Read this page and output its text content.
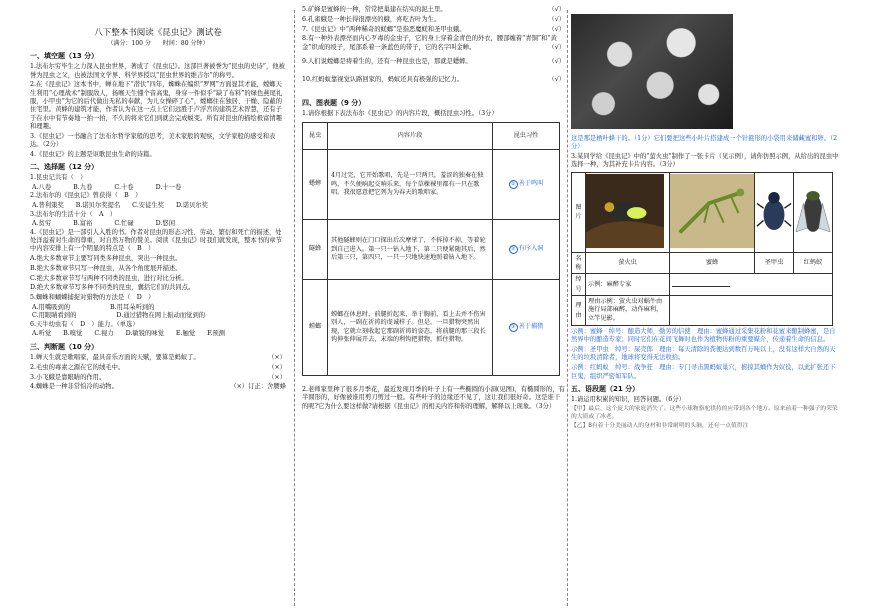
八下整本书阅读《昆虫记》测试卷
（满分：100 分　　时间：80 分钟）
一、填空题（13 分）

1.法布尔穷毕生之力深入昆虫世界，著成了《昆虫记》。这部巨著被誉为“昆虫的史诗”，他被誉为昆虫之父，也被法国文学界、科学界授以“昆虫世界的维吉尔”的称号。

2.在《昆虫记》这本书中，蝉在地下“潜伏”四年，蜘蛛在编织“罗网”方面显其才能，螳螂天生利用“心理战术”制服敌人，扬喉天生懂个音高鬼，身穿一件似乎“缺了布料”的绿色燕尾礼服，小甲虫“为它的后代做出无私的奉献，为儿女操碎了心”，螳螂住在独居、干燥、隐蔽的住宅里。黄蜂的建筑才能，作者认为在这一点上它们远胜于卢浮宫的建筑艺术智慧，还有子于在水中有节奏地一拍一拍，不久的将来它们到就会完成蜕变。所有对昆虫的描绘极富情趣和理趣。

3.《昆虫记》一书融合了法布尔哲学家般的思考，美术家般的观察，文学家般的感受和表达。（2分）

4.《昆虫记》的主题是讴歌昆虫生命的诗篇。

二、选择题（12 分）

1.昆虫记共有（　）

A.八卷	B.九卷	C.十卷	D.十一卷

2.法布尔的《昆虫记》曾获得（　B　）

A.普利策奖 B.诺贝尔奖提名 C.安徒生奖 D.诺贝尔奖

3.法布尔的生活十分（　A　）

A.贫穷	B.富裕	C.忙碌	D.悠闲

4.《昆虫记》是一部引人入胜的书。作者对昆虫的形态习性、劳动、繁衍和死亡的描述，处处洋溢着对生命的尊重，对自然万物的赞美。阅读《昆虫记》时我们就发现，整本书的章节中内容安排上有一个明显的特点是（　B　）

A.绝大多数章节主要写同类多种昆虫，突出一种昆虫。

B.绝大多数章节只写一种昆虫，从各个角度展开描述。

C.绝大多数章节写与两种不同类的昆虫，进行对比分析。

D.绝大多数章节写多种不同类的昆虫，囊括它们的共同点。

5.蜘蛛和蝴蝶捕捉对猎物的方法是（　D　）

A.用嘴吸到的	B.用耳朵听到的
C.用眼睛看到的	D.通过猎物在网上振动而觉到的

6.天牛幼虫有（　D　）能力。（单选）

A.听觉 B.嗅觉 C.视力 D.敏锐的味觉 E.触觉 F.预测
三、判断题（10 分）

1.蝉天生就是歌唱家，最具音乐方面的天赋，要算是蚂蚁了。	（×）

2.毛虫的毒素之源在它的绒毛中。	（×）

3.小飞蛾是靠眼睛的作用。	（×）

4.蜘蛛是一种非常怕冷的动物。	（×）订正：舍腰蜂

5.矿蜂是蜜蜂的一种，常常把巢建在结实的泥土里。	（√）

6.孔雀蛾是一种长得很漂亮的蛾，喜吃杏叶为生。	（√）

7.《昆虫记》中“两种稀奇的蜣螂”是指恶魔蜣和圣甲虫蛾。	（√）

8.有一种外表漂亮而内心歹毒的金虫子，它的身上穿着金青色的外衣，腰部缠着“青铜”和“黄金”织成的绶子，尾部系着一条蓝色的带子，它的名字叫金蝉。	（√）

9.人们说螳螂是祷着生的，还有一种昆虫也是，那就是蟋蟀。	（√）

10.红蚂蚁靠视觉认路回家的，蚂蚁还具有极强的记忆力。	（√）

四、图表题（9 分）

1.请你根据下表法布尔《昆虫记》的内容片段，概括昆虫习性。（3分）

昆虫	内容片段	昆虫习性
蟋蟀	4月过完，它开始歌唱，先是一只两只，羞涩的独奏在独鸣，不久便响起交响乐来，每个草棵裸里都有一只在歌唱。我很愿意把它列为为春天的歌唱家。	① 善于鸣叫
隧蜂	其他隧蜂则在门口探出后次摩挲了，不拆掉不掉，等着轮到自己进入。第一只一钻入地下，第二只便紧随其后，然后第三只，第四只，一只一只地快速地照着钻入地下。	② 有序入洞
螳螂	螳螂在休息时，前腿折起来，举于胸前，看上去并不伤害别人，一副在祈祷的虔诚样子。但是，一旦猎物突然出现，它就立刻收起它那副祈祷的姿态，将前腿的那三段长钩伸张伸展开去，末端的利钩把猎物，抓住猎物。	③ 善于捕猎

2.老师家里种了很多月季花，最近发现月季的叶子上有一些椭圆的小洞(见图)，有椭圆形的，有半圆形的，好像被谁用剪刀剪过一般。有些叶子的边缘还不见了，这让我们很好奇。这是谁干的呢?它为什么要这样做?请根据《昆虫记》的相关内容和你的理解，解释以上现象。（3分）

这是那是栖叶蜂干的。（1分）它们要把这些小叶片搭建成一个针箍形的小袋用来储藏蜜和卵。（2分）

3.某同学给《昆虫记》中的“萤火虫”制作了一张卡片（见示例），请你仿照示例，从给出的昆虫中选择一种，为其补充卡片内容。（3分）

图片				
名称	萤火虫	蜜蜂	圣甲虫	红蚂蚁
绰号	示例：麻醉专家			
理由	理由示例：萤火虫对蜗牛由施行局部麻醉，动作麻利，立竿见影。			

示例：蜜蜂　绰号：酿造大师，勤劳的信使　理由：蜜蜂通过采集花粉和花蜜来酿制蜂蜜，是自然界中的酿造专家；同时它们在花间飞舞时也作为植物传粉的重要媒介，传递着生命的信息。

示例：圣甲虫　绰号：屎壳郎　理由：每天清除的粪便达到数百万吨以上，没有这样大自然的天生的垃圾清除者，地球将变得无法收拾。

示例：红蚂蚁　绰号：战争狂　理由：专门寻击黑蚂蚁巢穴，掳掠其蛹作为奴役，以此扩张还下巨鬼，组织严密如军队。

五、语段题（21 分）

1.请运用积累的知识，回答问题。（6分）

【甲】最后，这个庞大的家庭消失了。这些小球物骆驼拱持的应带到各个地方。原来前着一种强子的荣荣的大质或了冰老。

【乙】B有着十分美丽动人的身材和非常耐明的头脑，还有一点值得注
